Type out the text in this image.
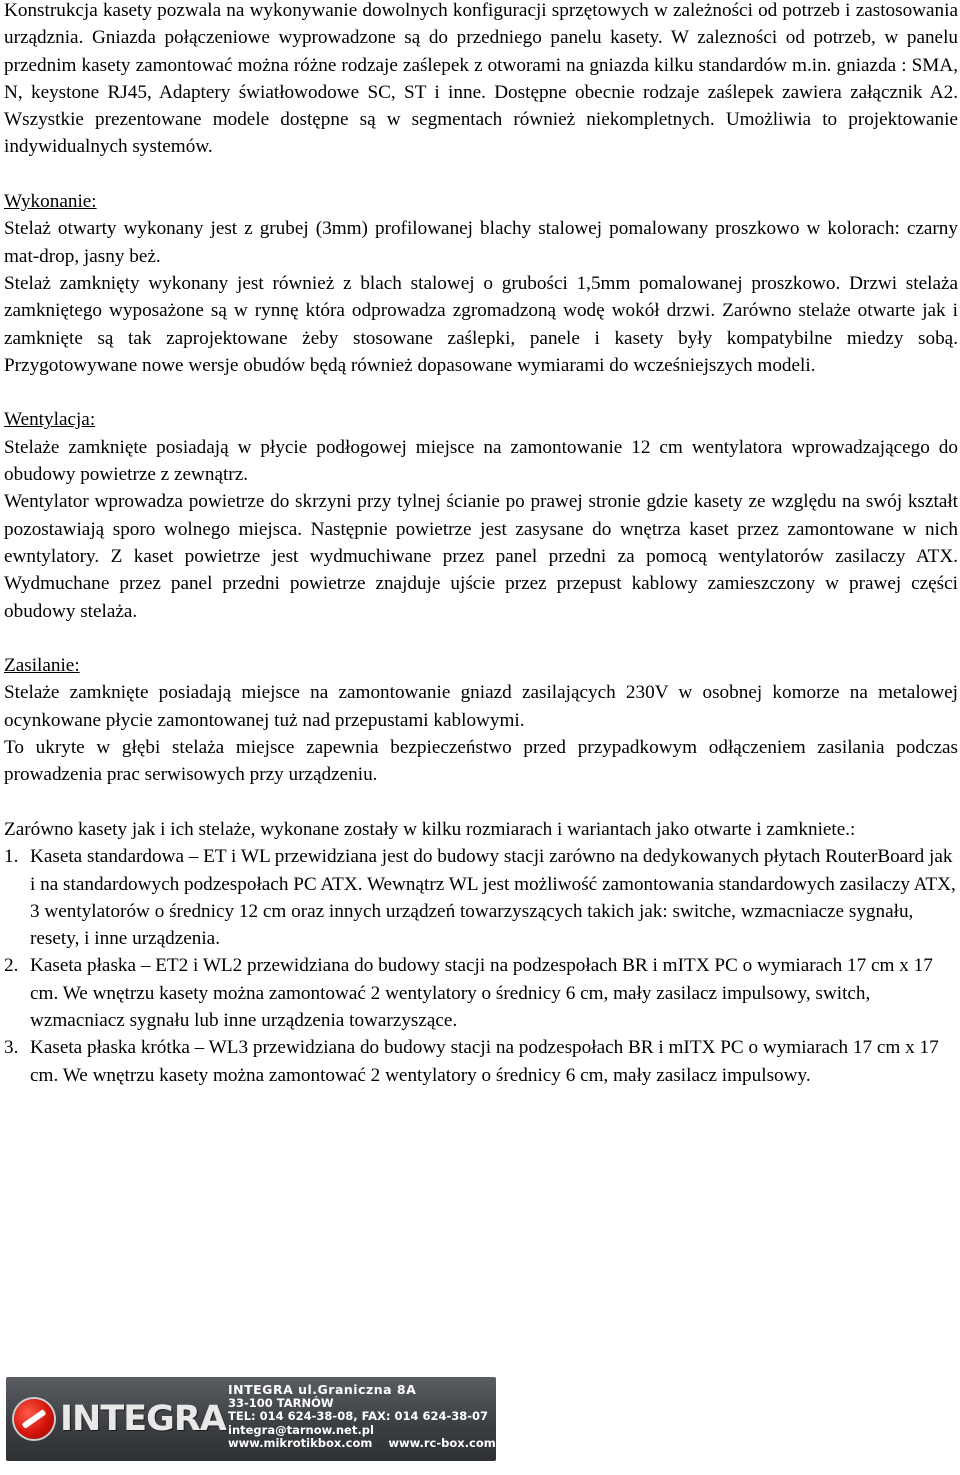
Konstrukcja kasety pozwala na wykonywanie dowolnych konfiguracji sprzętowych w zależności od potrzeb i zastosowania urządznia. Gniazda połączeniowe wyprowadzone są do przedniego panelu kasety. W zalezności od potrzeb, w panelu przednim kasety zamontować można różne rodzaje zaślepek z otworami na gniazda kilku standardów m.in. gniazda : SMA, N, keystone RJ45, Adaptery światłowodowe SC, ST i inne. Dostępne obecnie rodzaje zaślepek zawiera załącznik A2. Wszystkie prezentowane modele dostępne są w segmentach również niekompletnych. Umożliwia to projektowanie indywidualnych systemów.

Wykonanie:

Stelaż otwarty wykonany jest z grubej (3mm) profilowanej blachy stalowej pomalowany proszkowo w kolorach: czarny mat-drop, jasny beż.

Stelaż zamknięty wykonany jest również z blach stalowej o grubości 1,5mm pomalowanej proszkowo. Drzwi stelaża zamkniętego wyposażone są w rynnę która odprowadza zgromadzoną wodę wokół drzwi. Zarówno stelaże otwarte jak i zamknięte są tak zaprojektowane żeby stosowane zaślepki, panele i kasety były kompatybilne miedzy sobą. Przygotowywane nowe wersje obudów będą również dopasowane wymiarami do wcześniejszych modeli.

Wentylacja:

Stelaże zamknięte posiadają w płycie podłogowej miejsce na zamontowanie 12 cm wentylatora wprowadzającego do obudowy powietrze z zewnątrz.

Wentylator wprowadza powietrze do skrzyni przy tylnej ścianie po prawej stronie gdzie kasety ze względu na swój kształt pozostawiają sporo wolnego miejsca. Następnie powietrze jest zasysane do wnętrza kaset przez zamontowane w nich ewntylatory. Z kaset powietrze jest wydmuchiwane przez panel przedni za pomocą wentylatorów zasilaczy ATX. Wydmuchane przez panel przedni powietrze znajduje ujście przez przepust kablowy zamieszczony w prawej części obudowy stelaża.

Zasilanie:

Stelaże zamknięte posiadają miejsce na zamontowanie gniazd zasilających 230V w osobnej komorze na metalowej ocynkowane płycie zamontowanej tuż nad przepustami kablowymi.

To ukryte w głębi stelaża miejsce zapewnia bezpieczeństwo przed przypadkowym odłączeniem zasilania podczas prowadzenia prac serwisowych przy urządzeniu.

Zarówno kasety jak i ich stelaże, wykonane zostały w kilku rozmiarach i wariantach jako otwarte i zamkniete.:

1. Kaseta standardowa – ET i WL przewidziana jest do budowy stacji zarówno na dedykowanych płytach RouterBoard jak i na standardowych podzespołach PC ATX. Wewnątrz WL jest możliwość zamontowania standardowych zasilaczy ATX, 3 wentylatorów o średnicy 12 cm oraz innych urządzeń towarzyszących takich jak: switche, wzmacniacze sygnału, resety, i inne urządzenia.
2. Kaseta płaska – ET2 i WL2 przewidziana do budowy stacji na podzespołach BR i mITX PC o wymiarach 17 cm x 17 cm. We wnętrzu kasety można zamontować 2 wentylatory o średnicy 6 cm, mały zasilacz impulsowy, switch, wzmacniacz sygnału lub inne urządzenia towarzyszące.
3. Kaseta płaska krótka – WL3 przewidziana do budowy stacji na podzespołach BR i mITX PC o wymiarach 17 cm x 17 cm. We wnętrzu kasety można zamontować 2 wentylatory o średnicy 6 cm, mały zasilacz impulsowy.
INTEGRA
INTEGRA ul.Graniczna 8A
33-100 TARNÓW
TEL: 014 624-38-08, FAX: 014 624-38-07
integra@tarnow.net.pl
www.mikrotikbox.com www.rc-box.com
